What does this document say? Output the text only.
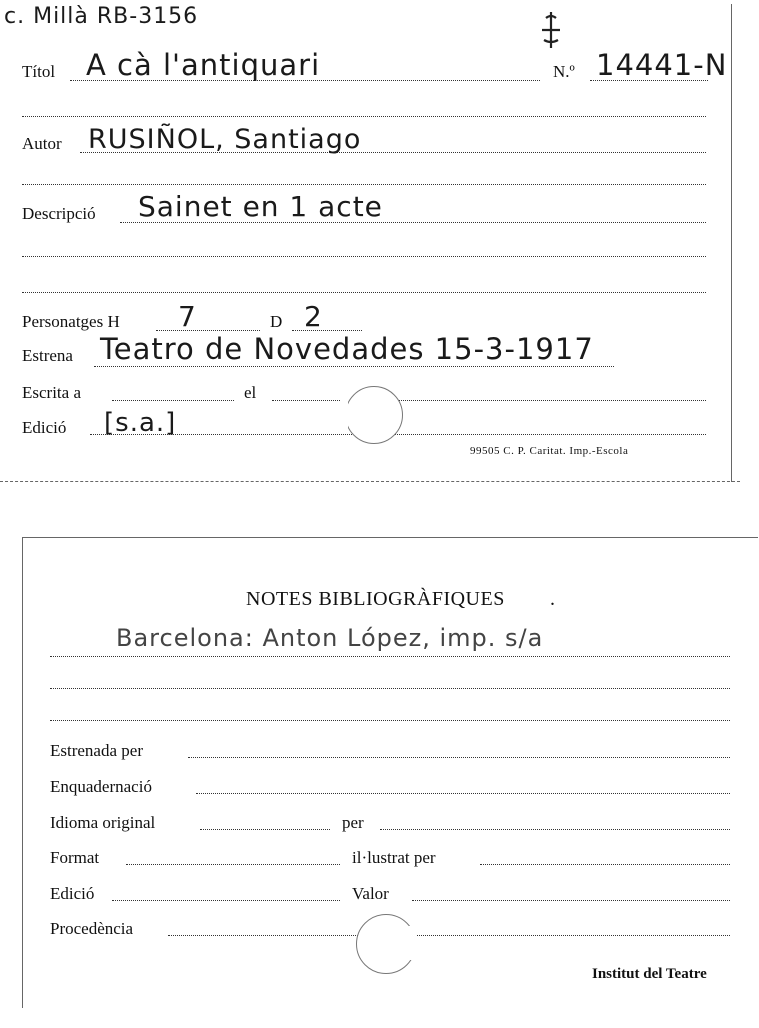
c. Millà RB-3156
Títol A cà l'antiquari	N.º 14441-N
Autor RUSIÑOL, Santiago
Descripció Sainet en 1 acte
Personatges H 7	D 2
Estrena Teatro de Novedades 15-3-1917
Escrita a	el
Edició [s.a.]
99505 C. P. Caritat. Imp.-Escola
NOTES BIBLIOGRÀFIQUES .
Barcelona: Anton López, imp. s/a
Estrenada per
Enquadernació
Idioma original	per
Format	il·lustrat per
Edició	Valor
Procedència
Institut del Teatre
